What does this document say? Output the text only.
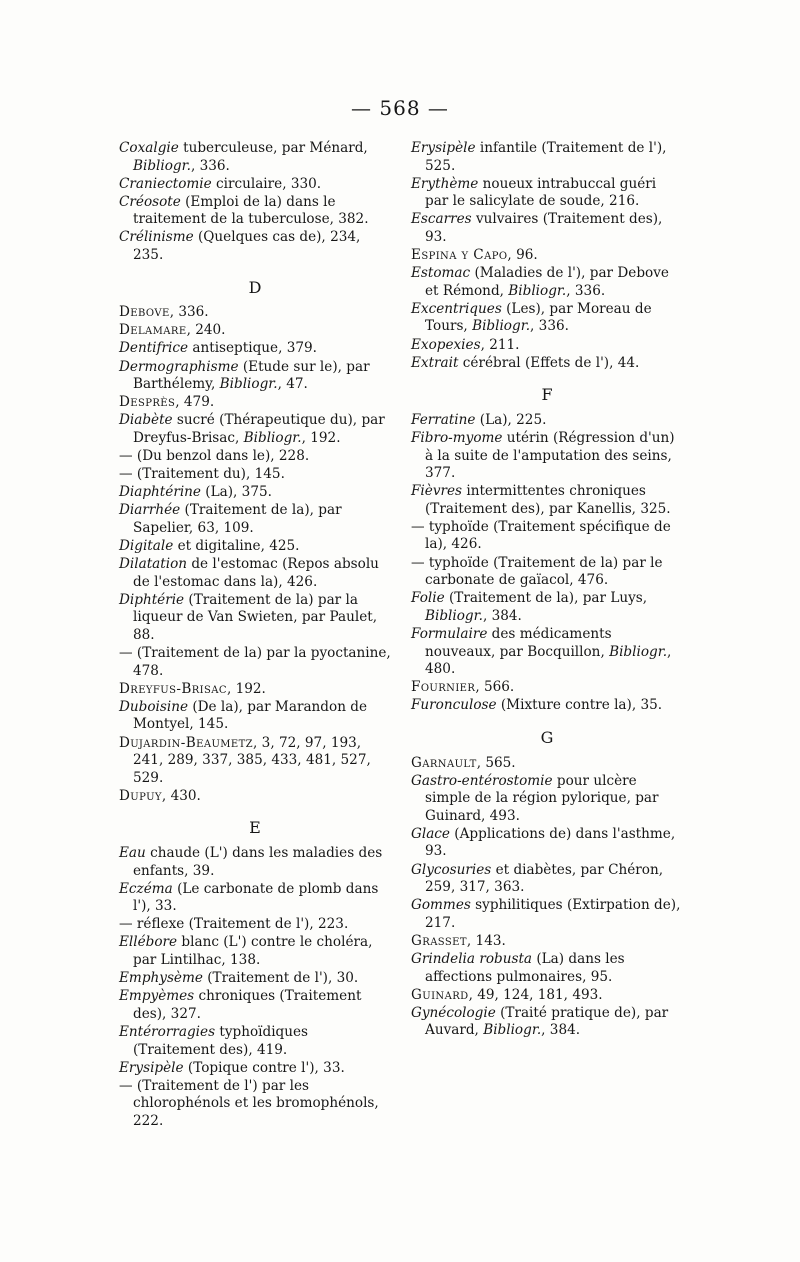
— 568 —

Coxalgie tuberculeuse, par Ménard, Bibliogr., 336.

Craniectomie circulaire, 330.

Créosote (Emploi de la) dans le traitement de la tuberculose, 382.

Crélinisme (Quelques cas de), 234, 235.

D

Debove, 336.

Delamare, 240.

Dentifrice antiseptique, 379.

Dermographisme (Etude sur le), par Barthélemy, Bibliogr., 47.

Desprès, 479.

Diabète sucré (Thérapeutique du), par Dreyfus-Brisac, Bibliogr., 192.

— (Du benzol dans le), 228.

— (Traitement du), 145.

Diaphtérine (La), 375.

Diarrhée (Traitement de la), par Sapelier, 63, 109.

Digitale et digitaline, 425.

Dilatation de l'estomac (Repos absolu de l'estomac dans la), 426.

Diphtérie (Traitement de la) par la liqueur de Van Swieten, par Paulet, 88.

— (Traitement de la) par la pyoctanine, 478.

Dreyfus-Brisac, 192.

Duboisine (De la), par Marandon de Montyel, 145.

Dujardin-Beaumetz, 3, 72, 97, 193, 241, 289, 337, 385, 433, 481, 527, 529.

Dupuy, 430.

E

Eau chaude (L') dans les maladies des enfants, 39.

Eczéma (Le carbonate de plomb dans l'), 33.

— réflexe (Traitement de l'), 223.

Ellébore blanc (L') contre le choléra, par Lintilhac, 138.

Emphysème (Traitement de l'), 30.

Empyèmes chroniques (Traitement des), 327.

Entérorragies typhoïdiques (Traitement des), 419.

Erysipèle (Topique contre l'), 33.

— (Traitement de l') par les chlorophénols et les bromophénols, 222.

Erysipèle infantile (Traitement de l'), 525.

Erythème noueux intrabuccal guéri par le salicylate de soude, 216.

Escarres vulvaires (Traitement des), 93.

Espina y Capo, 96.

Estomac (Maladies de l'), par Debove et Rémond, Bibliogr., 336.

Excentriques (Les), par Moreau de Tours, Bibliogr., 336.

Exopexies, 211.

Extrait cérébral (Effets de l'), 44.

F

Ferratine (La), 225.

Fibro-myome utérin (Régression d'un) à la suite de l'amputation des seins, 377.

Fièvres intermittentes chroniques (Traitement des), par Kanellis, 325.

— typhoïde (Traitement spécifique de la), 426.

— typhoïde (Traitement de la) par le carbonate de gaïacol, 476.

Folie (Traitement de la), par Luys, Bibliogr., 384.

Formulaire des médicaments nouveaux, par Bocquillon, Bibliogr., 480.

Fournier, 566.

Furonculose (Mixture contre la), 35.

G

Garnault, 565.

Gastro-entérostomie pour ulcère simple de la région pylorique, par Guinard, 493.

Glace (Applications de) dans l'asthme, 93.

Glycosuries et diabètes, par Chéron, 259, 317, 363.

Gommes syphilitiques (Extirpation de), 217.

Grasset, 143.

Grindelia robusta (La) dans les affections pulmonaires, 95.

Guinard, 49, 124, 181, 493.

Gynécologie (Traité pratique de), par Auvard, Bibliogr., 384.
